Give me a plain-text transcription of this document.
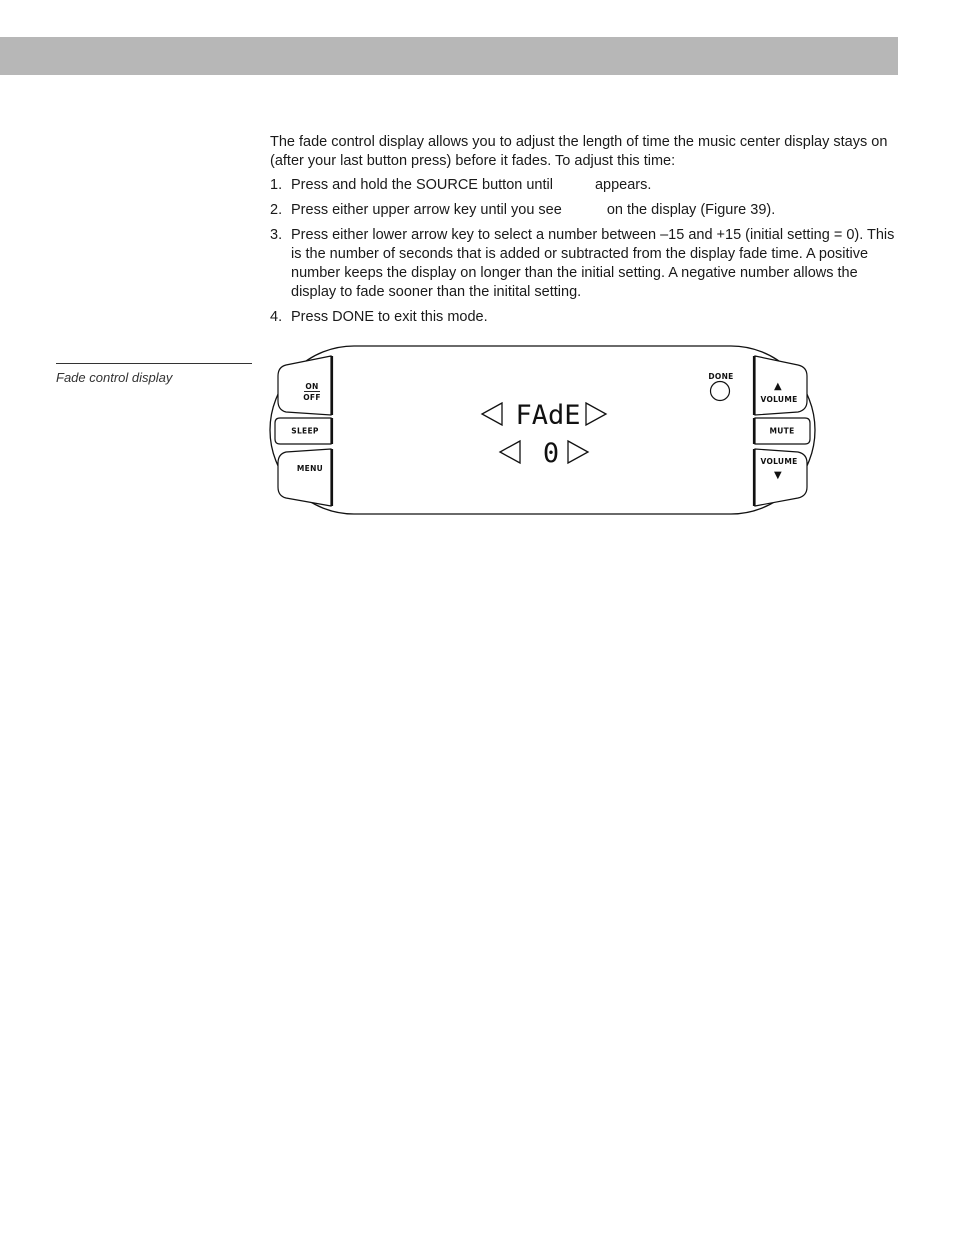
The fade control display allows you to adjust the length of time the music center display stays on (after your last button press) before it fades. To adjust this time:

1. Press and hold the SOURCE button until	appears.
2. Press either upper arrow key until you see	on the display (Figure 39).
3. Press either lower arrow key to select a number between –15 and +15 (initial setting = 0). This is the number of seconds that is added or subtracted from the display fade time. A positive number keeps the display on longer than the initial setting. A negative number allows the display to fade sooner than the initital setting.
4. Press DONE to exit this mode.
Fade control display
ON
OFF
SLEEP
MENU
FAdE
0
DONE
▲
VOLUME
MUTE
VOLUME
▼
